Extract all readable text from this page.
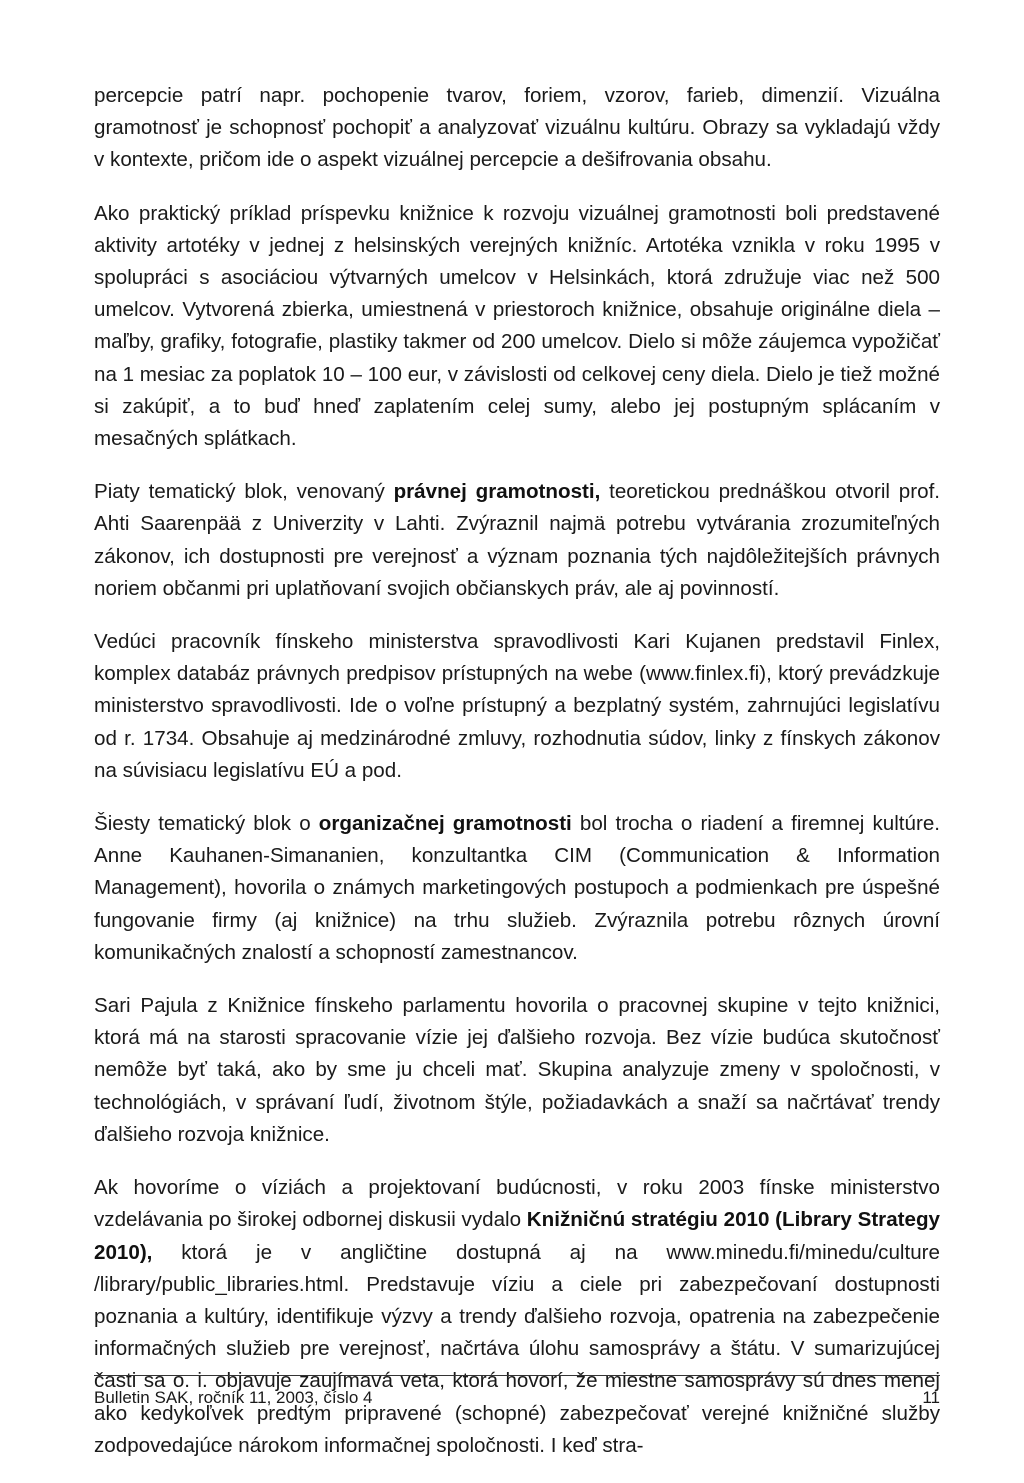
percepcie patrí napr. pochopenie tvarov, foriem, vzorov, farieb, dimenzií. Vizuálna gramotnosť je schopnosť pochopiť a analyzovať vizuálnu kultúru. Obrazy sa vykladajú vždy v kontexte, pričom ide o aspekt vizuálnej percepcie a dešifrovania obsahu.

Ako praktický príklad príspevku knižnice k rozvoju vizuálnej gramotnosti boli predstavené aktivity artotéky v jednej z helsinských verejných knižníc. Artotéka vznikla v roku 1995 v spolupráci s asociáciou výtvarných umelcov v Helsinkách, ktorá združuje viac než 500 umelcov. Vytvorená zbierka, umiestnená v priestoroch knižnice, obsahuje originálne diela – maľby, grafiky, fotografie, plastiky takmer od 200 umelcov. Dielo si môže záujemca vypožičať na 1 mesiac za poplatok 10 – 100 eur, v závislosti od celkovej ceny diela. Dielo je tiež možné si zakúpiť, a to buď hneď zaplatením celej sumy, alebo jej postupným splácaním v mesačných splátkach.

Piaty tematický blok, venovaný právnej gramotnosti, teoretickou prednáškou otvoril prof. Ahti Saarenpää z Univerzity v Lahti. Zvýraznil najmä potrebu vytvárania zrozumiteľných zákonov, ich dostupnosti pre verejnosť a význam poznania tých najdôležitejších právnych noriem občanmi pri uplatňovaní svojich občianskych práv, ale aj povinností.

Vedúci pracovník fínskeho ministerstva spravodlivosti Kari Kujanen predstavil Finlex, komplex databáz právnych predpisov prístupných na webe (www.finlex.fi), ktorý prevádzkuje ministerstvo spravodlivosti. Ide o voľne prístupný a bezplatný systém, zahrnujúci legislatívu od r. 1734. Obsahuje aj medzinárodné zmluvy, rozhodnutia súdov, linky z fínskych zákonov na súvisiacu legislatívu EÚ a pod.

Šiesty tematický blok o organizačnej gramotnosti bol trocha o riadení a firemnej kultúre. Anne Kauhanen-Simananien, konzultantka CIM (Communication & Information Management), hovorila o známych marketingových postupoch a podmienkach pre úspešné fungovanie firmy (aj knižnice) na trhu služieb. Zvýraznila potrebu rôznych úrovní komunikačných znalostí a schopností zamestnancov.

Sari Pajula z Knižnice fínskeho parlamentu hovorila o pracovnej skupine v tejto knižnici, ktorá má na starosti spracovanie vízie jej ďalšieho rozvoja. Bez vízie budúca skutočnosť nemôže byť taká, ako by sme ju chceli mať. Skupina analyzuje zmeny v spoločnosti, v technológiách, v správaní ľudí, životnom štýle, požiadavkách a snaží sa načrtávať trendy ďalšieho rozvoja knižnice.

Ak hovoríme o víziách a projektovaní budúcnosti, v roku 2003 fínske ministerstvo vzdelávania po širokej odbornej diskusii vydalo Knižničnú stratégiu 2010 (Library Strategy 2010), ktorá je v angličtine dostupná aj na www.minedu.fi/minedu/culture /library/public_libraries.html. Predstavuje víziu a ciele pri zabezpečovaní dostupnosti poznania a kultúry, identifikuje výzvy a trendy ďalšieho rozvoja, opatrenia na zabezpečenie informačných služieb pre verejnosť, načrtáva úlohu samosprávy a štátu. V sumarizujúcej časti sa o. i. objavuje zaujímavá veta, ktorá hovorí, že miestne samosprávy sú dnes menej ako kedykoľvek predtým pripravené (schopné) zabezpečovať verejné knižničné služby zodpovedajúce nárokom informačnej spoločnosti. I keď stra-

Bulletin SAK, ročník 11, 2003, číslo 4	11
